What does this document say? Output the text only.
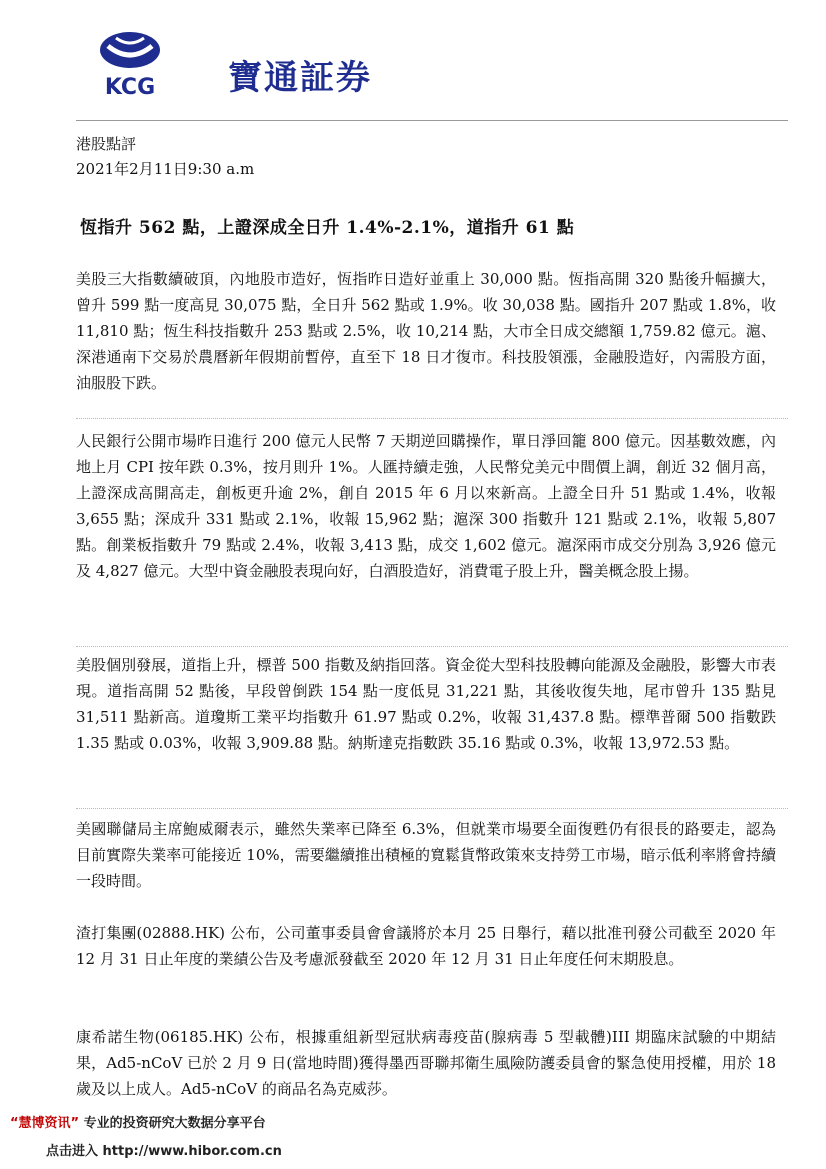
KCG 寶通証券
港股點評
2021年2月11日9:30 a.m
恆指升 562 點，上證深成全日升 1.4%-2.1%，道指升 61 點

美股三大指數續破頂，內地股市造好，恆指昨日造好並重上 30,000 點。恆指高開 320 點後升幅擴大，曾升 599 點一度高見 30,075 點，全日升 562 點或 1.9%。收 30,038 點。國指升 207 點或 1.8%，收 11,810 點；恆生科技指數升 253 點或 2.5%，收 10,214 點，大市全日成交總額 1,759.82 億元。滬、深港通南下交易於農曆新年假期前暫停，直至下 18 日才復市。科技股領漲，金融股造好，內需股方面，油服股下跌。

人民銀行公開市場昨日進行 200 億元人民幣 7 天期逆回購操作，單日淨回籠 800 億元。因基數效應，內地上月 CPI 按年跌 0.3%，按月則升 1%。人匯持續走強，人民幣兌美元中間價上調，創近 32 個月高，上證深成高開高走，創板更升逾 2%，創自 2015 年 6 月以來新高。上證全日升 51 點或 1.4%，收報 3,655 點；深成升 331 點或 2.1%，收報 15,962 點；滬深 300 指數升 121 點或 2.1%，收報 5,807 點。創業板指數升 79 點或 2.4%，收報 3,413 點，成交 1,602 億元。滬深兩市成交分別為 3,926 億元及 4,827 億元。大型中資金融股表現向好，白酒股造好，消費電子股上升，醫美概念股上揚。

美股個別發展，道指上升，標普 500 指數及納指回落。資金從大型科技股轉向能源及金融股，影響大市表現。道指高開 52 點後，早段曾倒跌 154 點一度低見 31,221 點，其後收復失地，尾市曾升 135 點見 31,511 點新高。道瓊斯工業平均指數升 61.97 點或 0.2%，收報 31,437.8 點。標準普爾 500 指數跌 1.35 點或 0.03%，收報 3,909.88 點。納斯達克指數跌 35.16 點或 0.3%，收報 13,972.53 點。

美國聯儲局主席鮑威爾表示，雖然失業率已降至 6.3%，但就業市場要全面復甦仍有很長的路要走，認為目前實際失業率可能接近 10%，需要繼續推出積極的寬鬆貨幣政策來支持勞工市場，暗示低利率將會持續一段時間。

渣打集團(02888.HK) 公布，公司董事委員會會議將於本月 25 日舉行，藉以批准刊發公司截至 2020 年 12 月 31 日止年度的業績公告及考慮派發截至 2020 年 12 月 31 日止年度任何末期股息。

康希諾生物(06185.HK) 公布，根據重組新型冠狀病毒疫苗(腺病毒 5 型載體)III 期臨床試驗的中期結果，Ad5-nCoV 已於 2 月 9 日(當地時間)獲得墨西哥聯邦衛生風險防護委員會的緊急使用授權，用於 18 歲及以上成人。Ad5-nCoV 的商品名為克威莎。

“慧博资讯” 专业的投资研究大数据分享平台
点击进入 http://www.hibor.com.cn
